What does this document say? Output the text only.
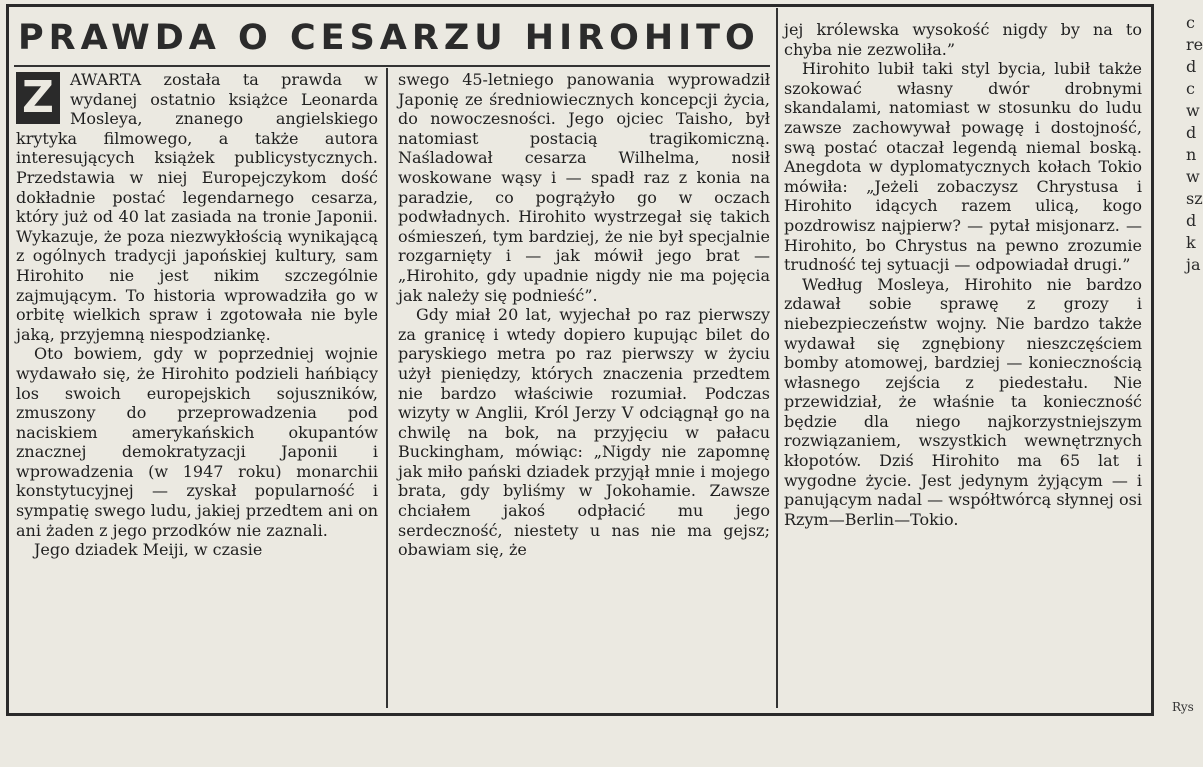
PRAWDA O CESARZU HIROHITO

Z	AWARTA została ta prawda w wydanej ostatnio książce Leonarda Mosleya, znanego angielskiego krytyka filmowego, a także autora interesujących książek publicystycznych. Przedstawia w niej Europejczykom dość dokładnie postać legendarnego cesarza, który już od 40 lat zasiada na tronie Japonii. Wykazuje, że poza niezwykłością wynikającą z ogólnych tradycji japońskiej kultury, sam Hirohito nie jest nikim szczególnie zajmującym. To historia wprowadziła go w orbitę wielkich spraw i zgotowała nie byle jaką, przyjemną niespodziankę.

Oto bowiem, gdy w poprzedniej wojnie wydawało się, że Hirohito podzieli hańbiący los swoich europejskich sojuszników, zmuszony do przeprowadzenia pod naciskiem amerykańskich okupantów znacznej demokratyzacji Japonii i wprowadzenia (w 1947 roku) monarchii konstytucyjnej — zyskał popularność i sympatię swego ludu, jakiej przedtem ani on ani żaden z jego przodków nie zaznali.

Jego dziadek Meiji, w czasie

swego 45-letniego panowania wyprowadził Japonię ze średniowiecznych koncepcji życia, do nowoczesności. Jego ojciec Taisho, był natomiast postacią tragikomiczną. Naśladował cesarza Wilhelma, nosił woskowane wąsy i — spadł raz z konia na paradzie, co pogrążyło go w oczach podwładnych. Hirohito wystrzegał się takich ośmieszeń, tym bardziej, że nie był specjalnie rozgarnięty i — jak mówił jego brat — „Hirohito, gdy upadnie nigdy nie ma pojęcia jak należy się podnieść”.

Gdy miał 20 lat, wyjechał po raz pierwszy za granicę i wtedy dopiero kupując bilet do paryskiego metra po raz pierwszy w życiu użył pieniędzy, których znaczenia przedtem nie bardzo właściwie rozumiał. Podczas wizyty w Anglii, Król Jerzy V odciągnął go na chwilę na bok, na przyjęciu w pałacu Buckingham, mówiąc: „Nigdy nie zapomnę jak miło pański dziadek przyjął mnie i mojego brata, gdy byliśmy w Jokohamie. Zawsze chciałem jakoś odpłacić mu jego serdeczność, niestety u nas nie ma gejsz; obawiam się, że

jej królewska wysokość nigdy by na to chyba nie zezwoliła.”

Hirohito lubił taki styl bycia, lubił także szokować własny dwór drobnymi skandalami, natomiast w stosunku do ludu zawsze zachowywał powagę i dostojność, swą postać otaczał legendą niemal boską. Anegdota w dyplomatycznych kołach Tokio mówiła: „Jeżeli zobaczysz Chrystusa i Hirohito idących razem ulicą, kogo pozdrowisz najpierw? — pytał misjonarz. — Hirohito, bo Chrystus na pewno zrozumie trudność tej sytuacji — odpowiadał drugi.”

Według Mosleya, Hirohito nie bardzo zdawał sobie sprawę z grozy i niebezpieczeństw wojny. Nie bardzo także wydawał się zgnębiony nieszczęściem bomby atomowej, bardziej — koniecznością własnego zejścia z piedestału. Nie przewidział, że właśnie ta konieczność będzie dla niego najkorzystniejszym rozwiązaniem, wszystkich wewnętrznych kłopotów. Dziś Hirohito ma 65 lat i wygodne życie. Jest jedynym żyjącym — i panującym nadal — współtwórcą słynnej osi Rzym—Berlin—Tokio.

c
re
d
c
w
d
n
w
sz
d
k
ja
Rys
